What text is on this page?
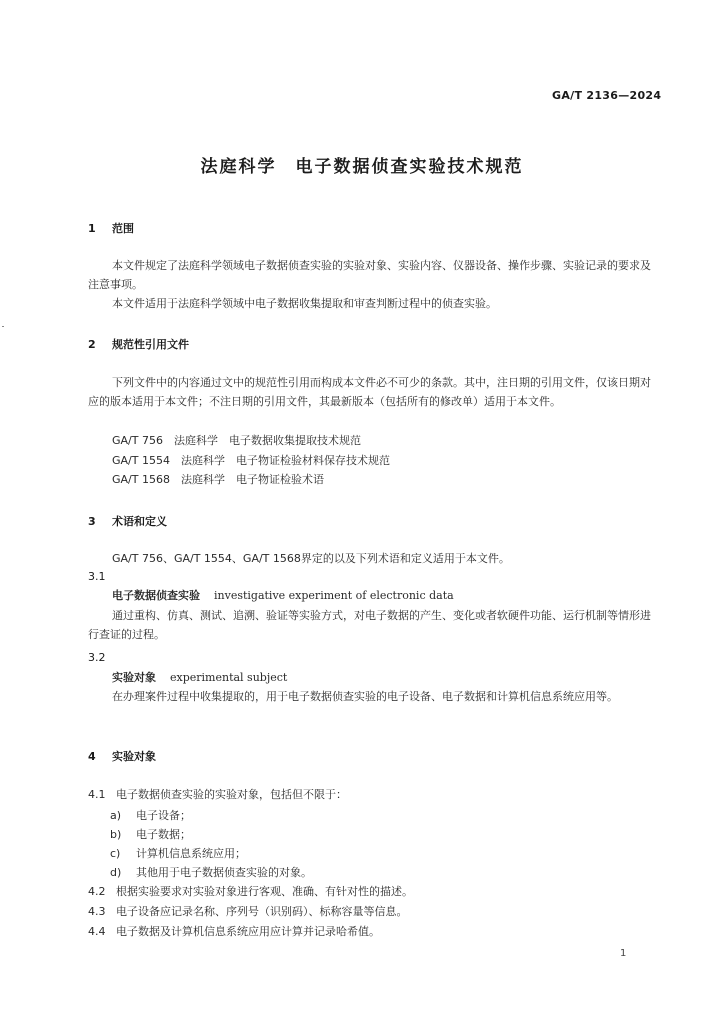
GA/T 2136—2024
法庭科学　电子数据侦查实验技术规范
1 范围
本文件规定了法庭科学领域电子数据侦查实验的实验对象、实验内容、仪器设备、操作步骤、实验记录的要求及注意事项。
本文件适用于法庭科学领域中电子数据收集提取和审查判断过程中的侦查实验。
2 规范性引用文件
下列文件中的内容通过文中的规范性引用而构成本文件必不可少的条款。其中，注日期的引用文件，仅该日期对应的版本适用于本文件；不注日期的引用文件，其最新版本（包括所有的修改单）适用于本文件。
GA/T 756　法庭科学　电子数据收集提取技术规范
GA/T 1554　法庭科学　电子物证检验材料保存技术规范
GA/T 1568　法庭科学　电子物证检验术语
3 术语和定义
GA/T 756、GA/T 1554、GA/T 1568界定的以及下列术语和定义适用于本文件。
3.1
电子数据侦查实验 investigative experiment of electronic data
通过重构、仿真、测试、追溯、验证等实验方式，对电子数据的产生、变化或者软硬件功能、运行机制等情形进行查证的过程。
3.2
实验对象 experimental subject
在办理案件过程中收集提取的，用于电子数据侦查实验的电子设备、电子数据和计算机信息系统应用等。
4 实验对象
4.1 电子数据侦查实验的实验对象，包括但不限于：
a) 电子设备；
b) 电子数据；
c) 计算机信息系统应用；
d) 其他用于电子数据侦查实验的对象。
4.2 根据实验要求对实验对象进行客观、准确、有针对性的描述。
4.3 电子设备应记录名称、序列号（识别码）、标称容量等信息。
4.4 电子数据及计算机信息系统应用应计算并记录哈希值。
1
